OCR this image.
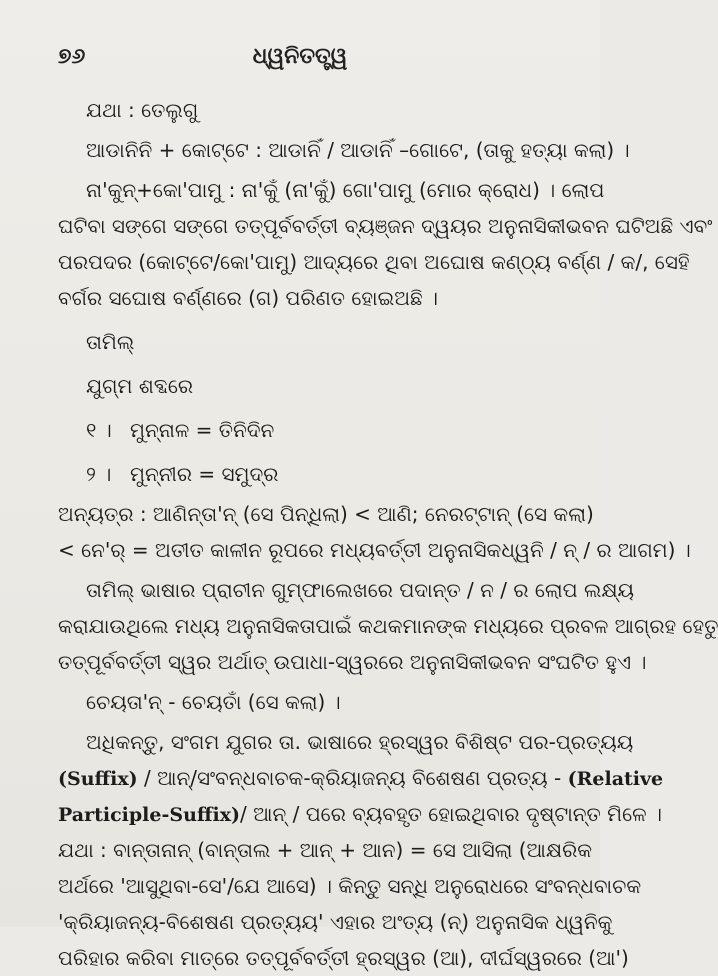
୭୬	ଧ୍ୱନିତତ୍ତ୍ୱ
ଯଥା : ତେଲୁଗୁ
ଆଡାନିନି + କୋଟ୍‌ଟେ : ଆଡାନିଁ / ଆଡାନିଁ –ଗୋଟେ, (ତାକୁ ହତ୍ୟା କଲା) ।
ନା'କୁନ୍+କୋ'ପାମୁ : ନା'କୁଁ (ନା'କୁଁ) ଗୋ'ପାମୁ (ମୋର କ୍ରୋଧ) । ଲୋପ
ଘଟିବା ସଙ୍ଗେ ସଙ୍ଗେ ତତ୍‌ପୂର୍ବବର୍ତ୍ତୀ ବ୍ୟଞ୍ଜନ ଦ୍ୱୟର ଅନୁନାସିକୀଭବନ ଘଟିଅଛି ଏବଂ
ପରପଦର (କୋଟ୍‌ଟେ/କୋ'ପାମୁ) ଆଦ୍ୟରେ ଥିବା ଅଘୋଷ କଣ୍ଠ୍ୟ ବର୍ଣ୍ଣ / କ/, ସେହି
ବର୍ଗର ସଘୋଷ ବର୍ଣ୍ଣରେ (ଗ) ପରିଣତ ହୋଇଅଛି ।
ତାମିଲ୍
ଯୁଗ୍ମ ଶବ୍ଦରେ
୧ । ମୁନ୍‌ନାଳ = ତିନିଦିନ
୨ । ମୁନ୍‌ନୀର = ସମୁଦ୍ର
ଅନ୍ୟତ୍ର : ଆଣିନ୍‌ତା'ନ୍ (ସେ ପିନ୍ଧିଲା) < ଆଣି; ନେରଟ୍‌ଟାନ୍ (ସେ କଲା)
< ନେ'ର୍ = ଅତୀତ କାଳୀନ ରୂପରେ ମଧ୍ୟବର୍ତ୍ତୀ ଅନୁନାସିକଧ୍ୱନି / ନ୍ / ର ଆଗମ) ।
ତାମିଲ୍ ଭାଷାର ପ୍ରାଚୀନ ଗୁମ୍ଫାଲେଖରେ ପଦାନ୍ତ / ନ / ର ଲୋପ ଲକ୍ଷ୍ୟ
କରାଯାଉଥିଲେ ମଧ୍ୟ ଅନୁନାସିକତାପାଇଁ କଥକମାନଙ୍କ ମଧ୍ୟରେ ପ୍ରବଳ ଆଗ୍ରହ ହେତୁ
ତତ୍‌ପୂର୍ବବର୍ତ୍ତୀ ସ୍ୱର ଅର୍ଥାତ୍ ଉପାଧା-ସ୍ୱରରେ ଅନୁନାସିକୀଭବନ ସଂଘଟିତ ହୁଏ ।
ଚେୟତା'ନ୍ - ଚେୟତାଁ (ସେ କଲା) ।
ଅଧିକନ୍ତୁ, ସଂଗମ ଯୁଗର ତା. ଭାଷାରେ ହ୍ରସ୍ୱର ବିଶିଷ୍ଟ ପର-ପ୍ରତ୍ୟୟ
(Suffix) / ଆନ୍/ସଂବନ୍ଧବାଚକ-କ୍ରିୟାଜନ୍ୟ ବିଶେଷଣ ପ୍ରତ୍ୟ - (Relative
Participle-Suffix)/ ଆନ୍ / ପରେ ବ୍ୟବହୃତ ହୋଇଥିବାର ଦୃଷ୍ଟାନ୍ତ ମିଳେ ।
ଯଥା : ବାନ୍‌ତାନାନ୍ (ବାନ୍‌ତାଲ + ଆନ୍ + ଆନ) = ସେ ଆସିଲା (ଆକ୍ଷରିକ
ଅର୍ଥରେ 'ଆସୁଥିବା-ସେ'/ଯେ ଆସେ) । କିନ୍ତୁ ସନ୍ଧି ଅନୁରୋଧରେ ସଂବନ୍ଧବାଚକ
'କ୍ରିୟାଜନ୍ୟ-ବିଶେଷଣ ପ୍ରତ୍ୟୟ' ଏହାର ଅଂତ୍ୟ (ନ୍) ଅନୁନାସିକ ଧ୍ୱନିକୁ
ପରିହାର କରିବା ମାତ୍ରେ ତତ୍‌ପୂର୍ବବର୍ତ୍ତୀ ହ୍ରସ୍ୱର (ଆ), ଦୀର୍ଘସ୍ୱରରେ (ଆ')
